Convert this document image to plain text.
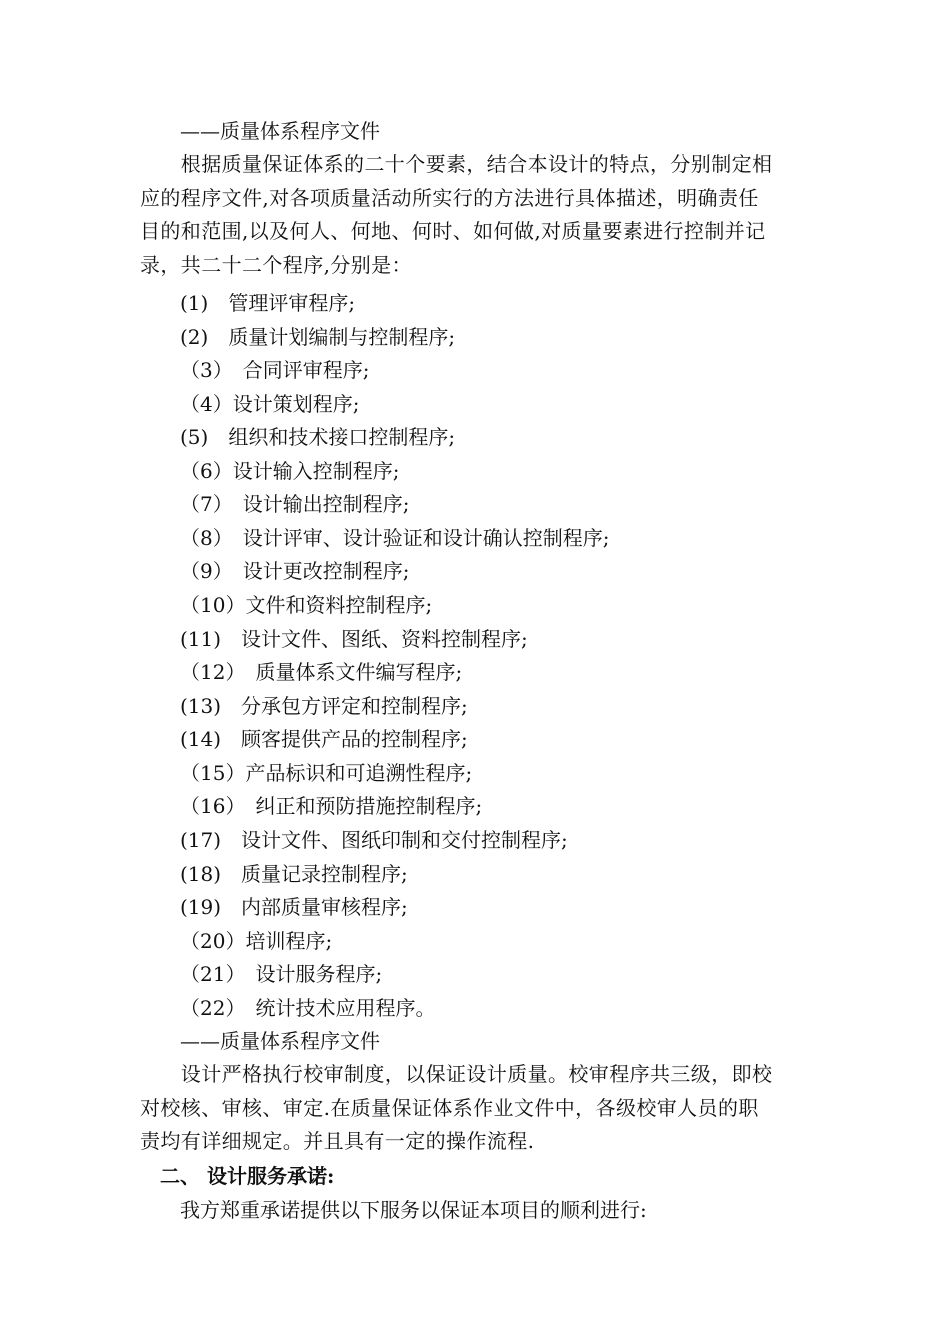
——质量体系程序文件
　　根据质量保证体系的二十个要素，结合本设计的特点，分别制定相
应的程序文件,对各项质量活动所实行的方法进行具体描述，明确责任
目的和范围,以及何人、何地、何时、如何做,对质量要素进行控制并记
录，共二十二个程序,分别是：
(1)　管理评审程序;
(2)　质量计划编制与控制程序;
（3）　合同评审程序;
（4）设计策划程序;
(5)　组织和技术接口控制程序;
（6）设计输入控制程序;
（7）　设计输出控制程序;
（8）　设计评审、设计验证和设计确认控制程序;
（9）　设计更改控制程序;
（10）文件和资料控制程序;
(11)　设计文件、图纸、资料控制程序;
（12）　质量体系文件编写程序;
(13)　分承包方评定和控制程序;
(14)　顾客提供产品的控制程序;
（15）产品标识和可追溯性程序;
（16）　纠正和预防措施控制程序;
(17)　设计文件、图纸印制和交付控制程序;
(18)　质量记录控制程序;
(19)　内部质量审核程序;
（20）培训程序;
（21）　设计服务程序;
（22）　统计技术应用程序。
——质量体系程序文件
　　设计严格执行校审制度，以保证设计质量。校审程序共三级，即校
对校核、审核、审定.在质量保证体系作业文件中，各级校审人员的职
责均有详细规定。并且具有一定的操作流程.
　二、 设计服务承诺:
　　我方郑重承诺提供以下服务以保证本项目的顺利进行:
